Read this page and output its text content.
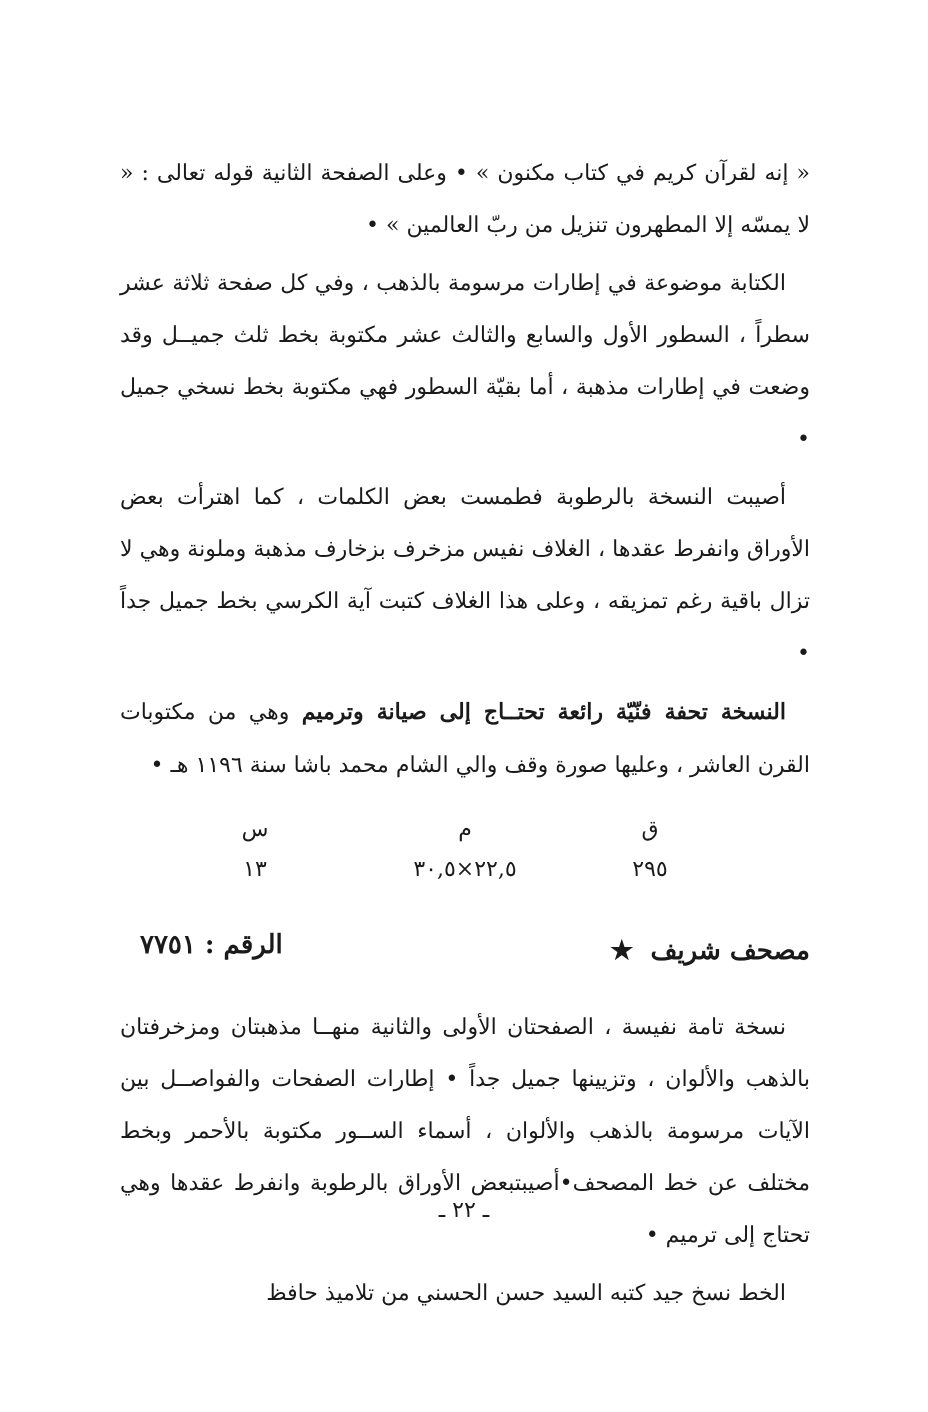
« إنه لقرآن كريم في كتاب مكنون » • وعلى الصفحة الثانية قوله تعالى : « لا يمسّه إلا المطهرون تنزيل من ربّ العالمين » •

الكتابة موضوعة في إطارات مرسومة بالذهب ، وفي كل صفحة ثلاثة عشر سطراً ، السطور الأول والسابع والثالث عشر مكتوبة بخط ثلث جميــل وقد وضعت في إطارات مذهبة ، أما بقيّة السطور فهي مكتوبة بخط نسخي جميل •

أصيبت النسخة بالرطوبة فطمست بعض الكلمات ، كما اهترأت بعض الأوراق وانفرط عقدها ، الغلاف نفيس مزخرف بزخارف مذهبة وملونة وهي لا تزال باقية رغم تمزيقه ، وعلى هذا الغلاف كتبت آية الكرسي بخط جميل جداً •

النسخة تحفة فنّيّة رائعة تحتــاج إلى صيانة وترميم وهي من مكتوبات القرن العاشر ، وعليها صورة وقف والي الشام محمد باشا سنة ١١٩٦ هـ •

ق
٢٩٥
م
٢٢,٥×٣٠,٥
س
١٣
مصحف شريف ★
الرقم : ٧٧٥١

نسخة تامة نفيسة ، الصفحتان الأولى والثانية منهــا مذهبتان ومزخرفتان بالذهب والألوان ، وتزيينها جميل جداً • إطارات الصفحات والفواصــل بين الآيات مرسومة بالذهب والألوان ، أسماء الســور مكتوبة بالأحمر وبخط مختلف عن خط المصحف•أصيبتبعض الأوراق بالرطوبة وانفرط عقدها وهي تحتاج إلى ترميم •

الخط نسخ جيد كتبه السيد حسن الحسني من تلاميذ حافظ

ـ ٢٢ ـ
